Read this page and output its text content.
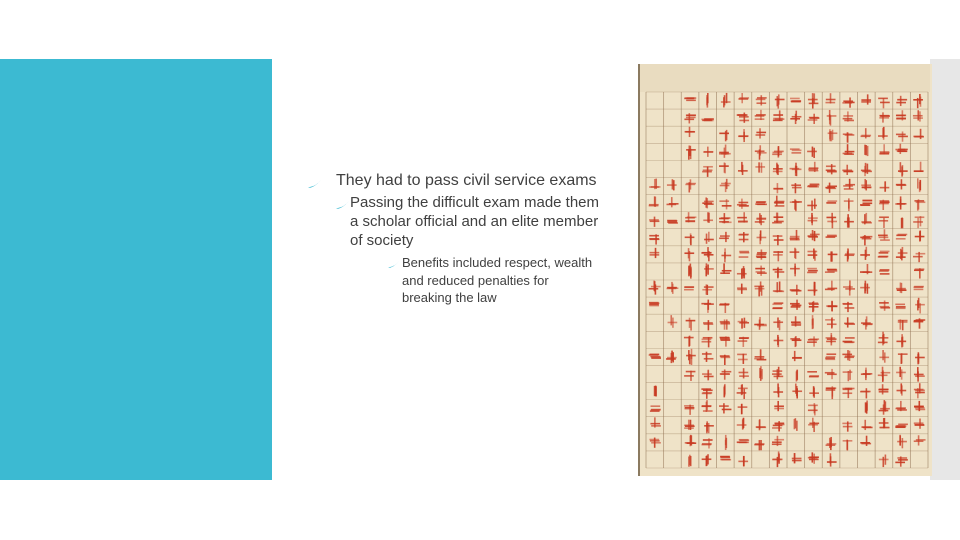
They had to pass civil service exams
Passing the difficult exam made them a scholar official and an elite member of society
Benefits included respect, wealth and reduced penalties for breaking the law
